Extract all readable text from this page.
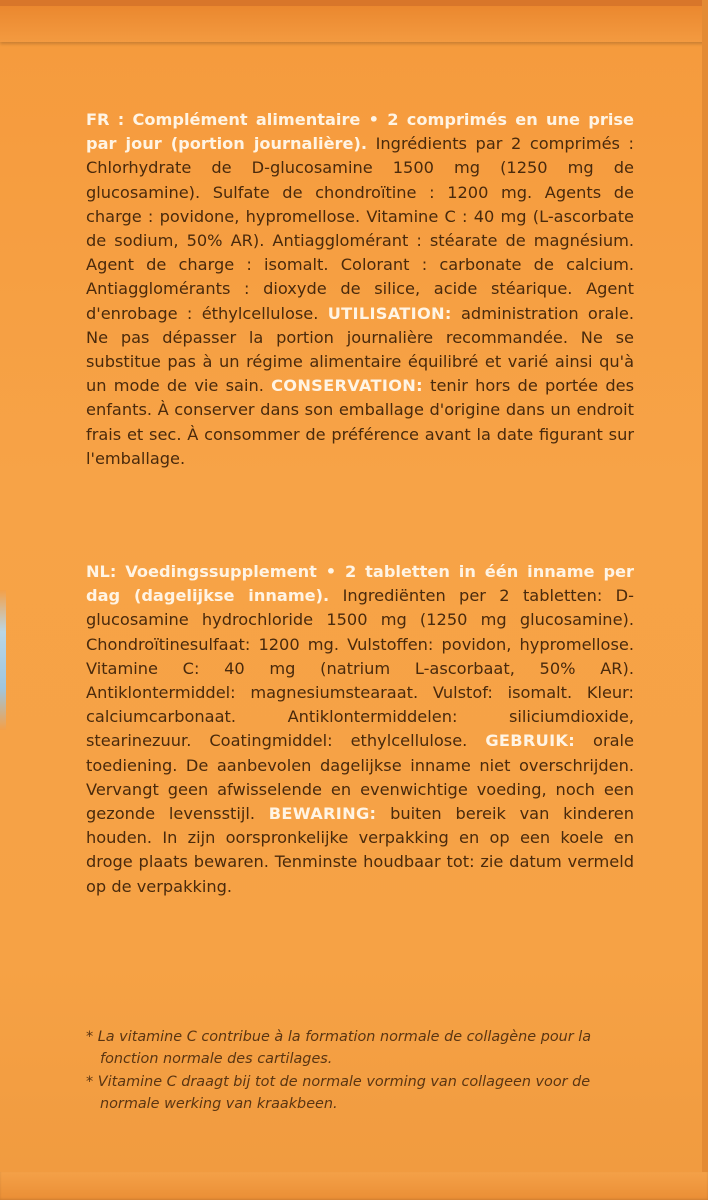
FR : Complément alimentaire • 2 comprimés en une prise par jour (portion journalière). Ingrédients par 2 comprimés : Chlorhydrate de D-glucosamine 1500 mg (1250 mg de glucosamine). Sulfate de chondroïtine : 1200 mg. Agents de charge : povidone, hypromellose. Vitamine C : 40 mg (L-ascorbate de sodium, 50% AR). Antiagglomérant : stéarate de magnésium. Agent de charge : isomalt. Colorant : carbonate de calcium. Antiagglomérants : dioxyde de silice, acide stéarique. Agent d'enrobage : éthylcellulose. UTILISATION: administration orale. Ne pas dépasser la portion journalière recommandée. Ne se substitue pas à un régime alimentaire équilibré et varié ainsi qu'à un mode de vie sain. CONSERVATION: tenir hors de portée des enfants. À conserver dans son emballage d'origine dans un endroit frais et sec. À consommer de préférence avant la date figurant sur l'emballage.
NL: Voedingssupplement • 2 tabletten in één inname per dag (dagelijkse inname). Ingrediënten per 2 tabletten: D-glucosamine hydrochloride 1500 mg (1250 mg glucosamine). Chondroïtinesulfaat: 1200 mg. Vulstoffen: povidon, hypromellose. Vitamine C: 40 mg (natrium L-ascorbaat, 50% AR). Antiklontermiddel: magnesiumstearaat. Vulstof: isomalt. Kleur: calciumcarbonaat. Antiklontermiddelen: siliciumdioxide, stearinezuur. Coatingmiddel: ethylcellulose. GEBRUIK: orale toediening. De aanbevolen dagelijkse inname niet overschrijden. Vervangt geen afwisselende en evenwichtige voeding, noch een gezonde levensstijl. BEWARING: buiten bereik van kinderen houden. In zijn oorspronkelijke verpakking en op een koele en droge plaats bewaren. Tenminste houdbaar tot: zie datum vermeld op de verpakking.
* La vitamine C contribue à la formation normale de collagène pour la fonction normale des cartilages.
* Vitamine C draagt bij tot de normale vorming van collageen voor de normale werking van kraakbeen.
